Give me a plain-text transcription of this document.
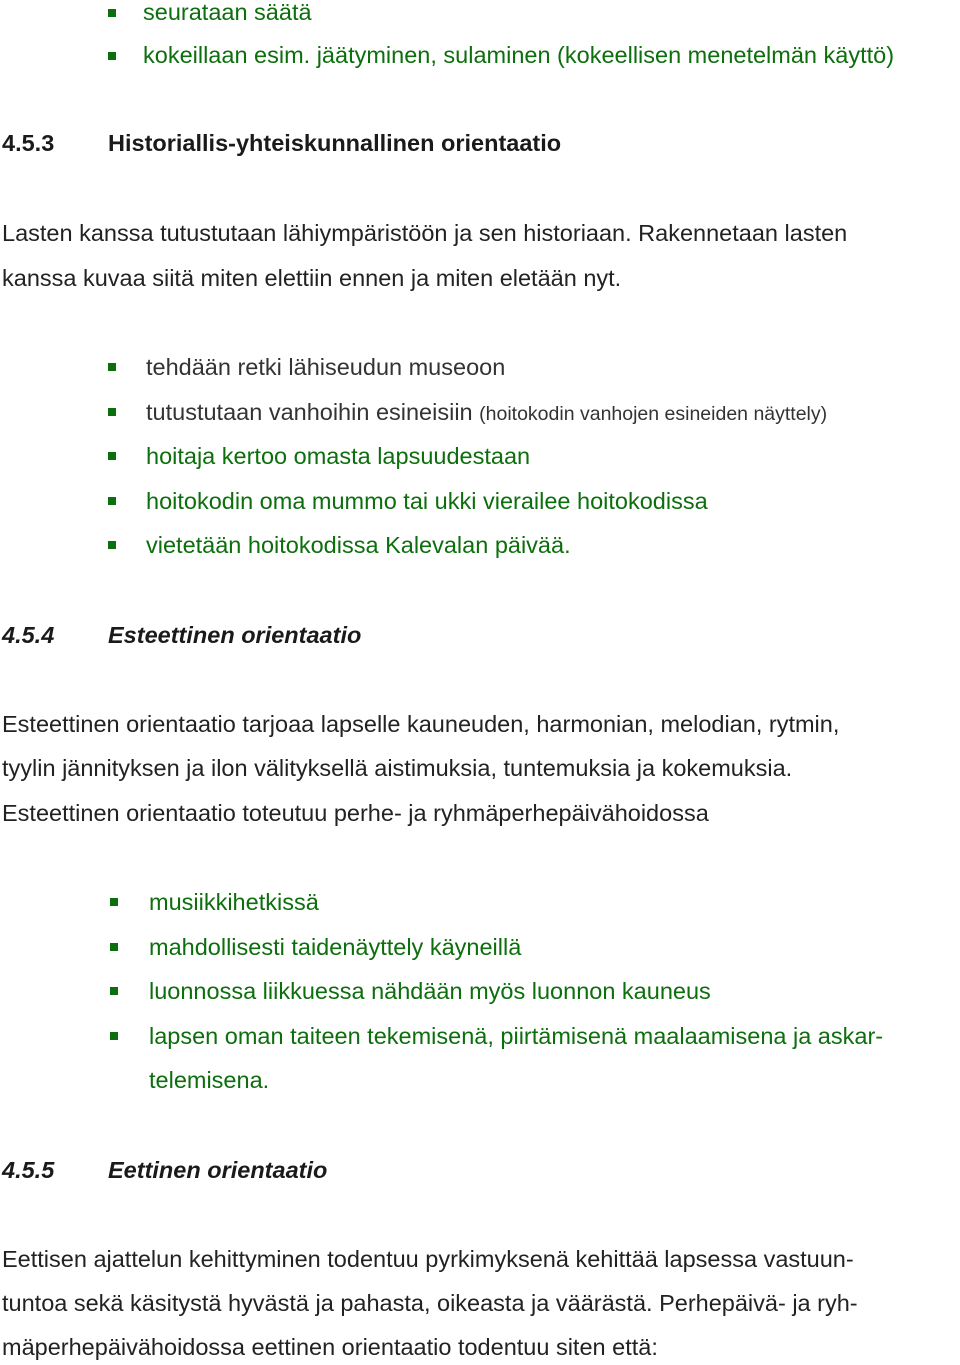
seurataan säätä
kokeillaan esim. jäätyminen, sulaminen (kokeellisen menetelmän käyttö)
4.5.3 Historiallis-yhteiskunnallinen orientaatio
Lasten kanssa tutustutaan lähiympäristöön ja sen historiaan. Rakennetaan lasten
kanssa kuvaa siitä miten elettiin ennen ja miten eletään nyt.
tehdään retki lähiseudun museoon
tutustutaan vanhoihin esineisiin (hoitokodin vanhojen esineiden näyttely)
hoitaja kertoo omasta lapsuudestaan
hoitokodin oma mummo tai ukki vierailee hoitokodissa
vietetään hoitokodissa Kalevalan päivää.
4.5.4 Esteettinen orientaatio
Esteettinen orientaatio tarjoaa lapselle kauneuden, harmonian, melodian, rytmin,
tyylin jännityksen ja ilon välityksellä aistimuksia, tuntemuksia ja kokemuksia.
Esteettinen orientaatio toteutuu perhe- ja ryhmäperhepäivähoidossa
musiikkihetkissä
mahdollisesti taidenäyttely käyneillä
luonnossa liikkuessa nähdään myös luonnon kauneus
lapsen oman taiteen tekemisenä, piirtämisenä maalaamisena ja askar-
telemisena.
4.5.5 Eettinen orientaatio
Eettisen ajattelun kehittyminen todentuu pyrkimyksenä kehittää lapsessa vastuun-
tuntoa sekä käsitystä hyvästä ja pahasta, oikeasta ja väärästä. Perhepäivä- ja ryh-
mäperhepäivähoidossa eettinen orientaatio todentuu siten että:
